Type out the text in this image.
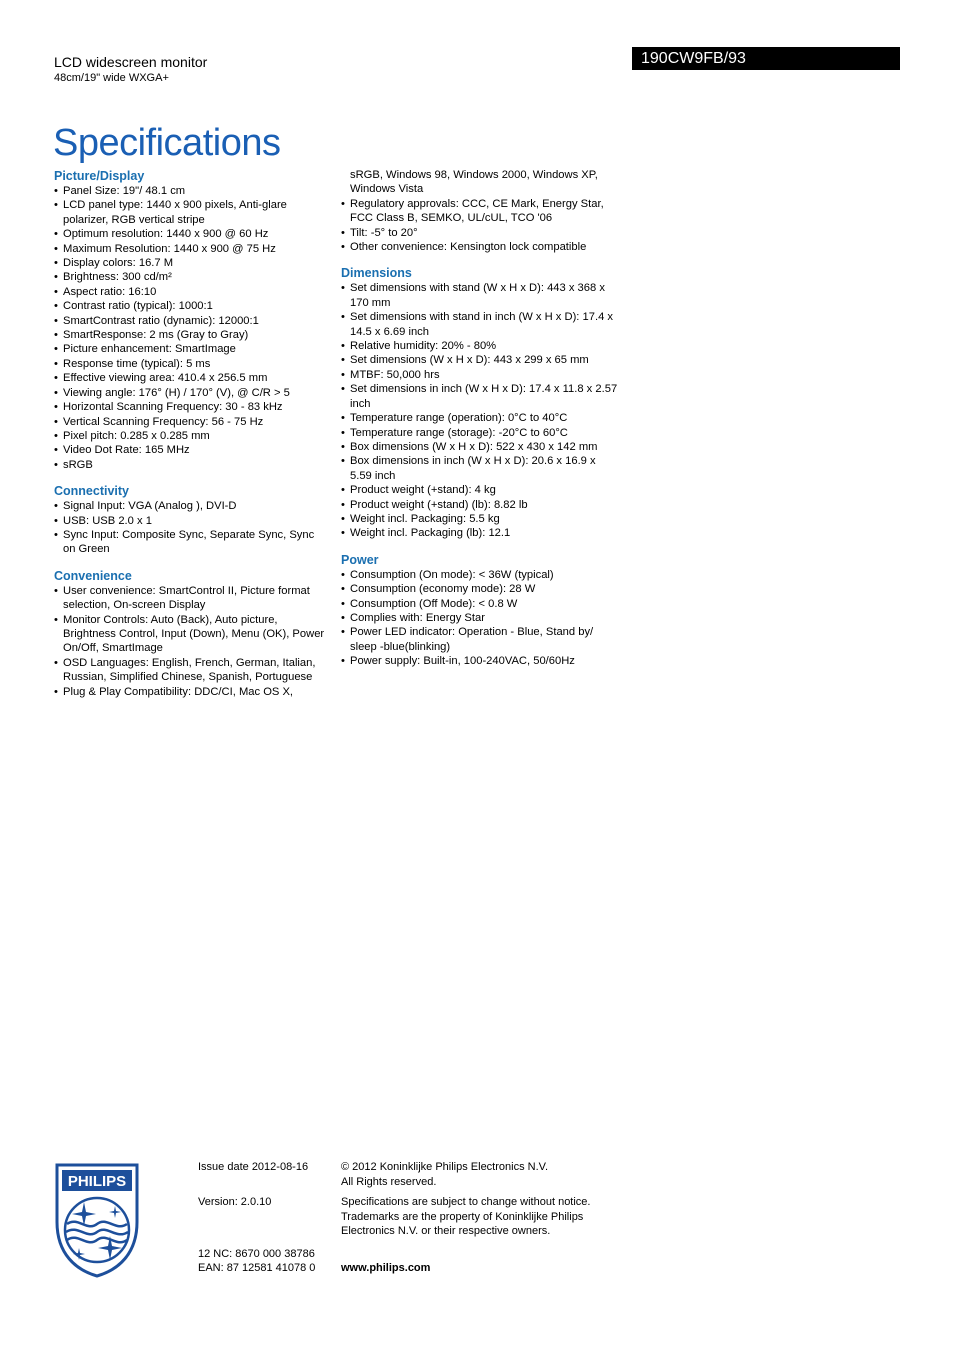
LCD widescreen monitor
48cm/19" wide WXGA+
Specifications
190CW9FB/93
Picture/Display
• Panel Size: 19"/ 48.1 cm
• LCD panel type: 1440 x 900 pixels, Anti-glare polarizer, RGB vertical stripe
• Optimum resolution: 1440 x 900 @ 60 Hz
• Maximum Resolution: 1440 x 900 @ 75 Hz
• Display colors: 16.7 M
• Brightness: 300 cd/m²
• Aspect ratio: 16:10
• Contrast ratio (typical): 1000:1
• SmartContrast ratio (dynamic): 12000:1
• SmartResponse: 2 ms (Gray to Gray)
• Picture enhancement: SmartImage
• Response time (typical): 5 ms
• Effective viewing area: 410.4 x 256.5 mm
• Viewing angle: 176° (H) / 170° (V), @ C/R > 5
• Horizontal Scanning Frequency: 30 - 83 kHz
• Vertical Scanning Frequency: 56 - 75 Hz
• Pixel pitch: 0.285 x 0.285 mm
• Video Dot Rate: 165 MHz
• sRGB
Connectivity
• Signal Input: VGA (Analog ), DVI-D
• USB: USB 2.0 x 1
• Sync Input: Composite Sync, Separate Sync, Sync on Green
Convenience
• User convenience: SmartControl II, Picture format selection, On-screen Display
• Monitor Controls: Auto (Back), Auto picture, Brightness Control, Input (Down), Menu (OK), Power On/Off, SmartImage
• OSD Languages: English, French, German, Italian, Russian, Simplified Chinese, Spanish, Portuguese
• Plug & Play Compatibility: DDC/CI, Mac OS X,
sRGB, Windows 98, Windows 2000, Windows XP, Windows Vista
• Regulatory approvals: CCC, CE Mark, Energy Star, FCC Class B, SEMKO, UL/cUL, TCO '06
• Tilt: -5° to 20°
• Other convenience: Kensington lock compatible
Dimensions
• Set dimensions with stand (W x H x D): 443 x 368 x 170 mm
• Set dimensions with stand in inch (W x H x D): 17.4 x 14.5 x 6.69 inch
• Relative humidity: 20% - 80%
• Set dimensions (W x H x D): 443 x 299 x 65 mm
• MTBF: 50,000 hrs
• Set dimensions in inch (W x H x D): 17.4 x 11.8 x 2.57 inch
• Temperature range (operation): 0°C to 40°C
• Temperature range (storage): -20°C to 60°C
• Box dimensions (W x H x D): 522 x 430 x 142 mm
• Box dimensions in inch (W x H x D): 20.6 x 16.9 x 5.59 inch
• Product weight (+stand): 4 kg
• Product weight (+stand) (lb): 8.82 lb
• Weight incl. Packaging: 5.5 kg
• Weight incl. Packaging (lb): 12.1
Power
• Consumption (On mode): < 36W (typical)
• Consumption (economy mode): 28 W
• Consumption (Off Mode): < 0.8 W
• Complies with: Energy Star
• Power LED indicator: Operation - Blue, Stand by/ sleep -blue(blinking)
• Power supply: Built-in, 100-240VAC, 50/60Hz
PHILIPS
Issue date 2012-08-16
Version: 2.0.10
12 NC: 8670 000 38786
EAN: 87 12581 41078 0
© 2012 Koninklijke Philips Electronics N.V.
All Rights reserved.
Specifications are subject to change without notice. Trademarks are the property of Koninklijke Philips Electronics N.V. or their respective owners.
www.philips.com
